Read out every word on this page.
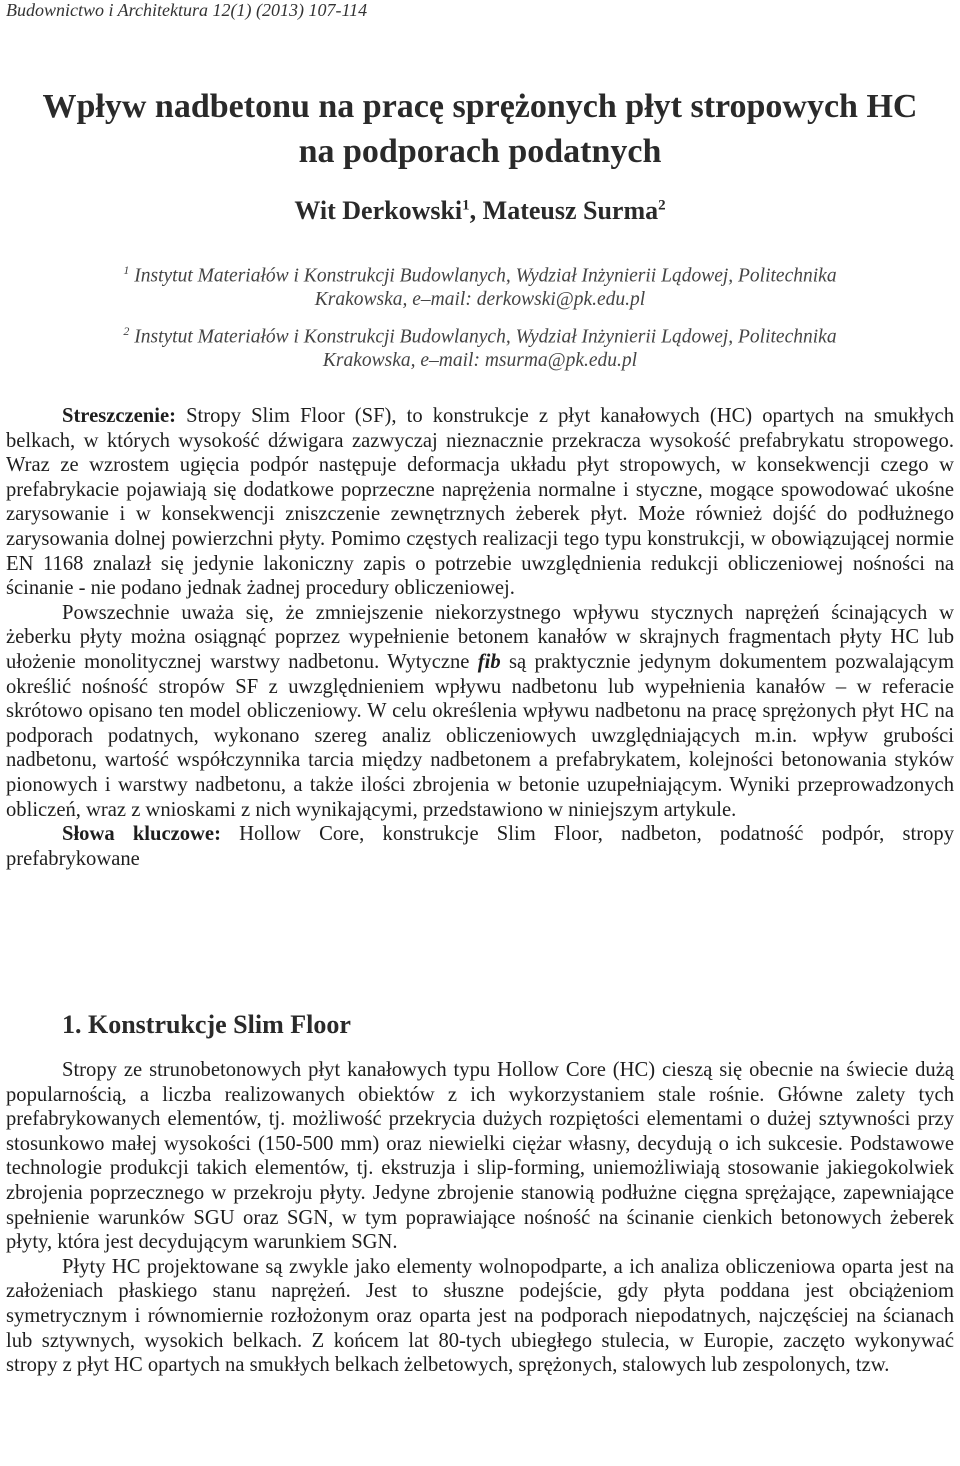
Budownictwo i Architektura 12(1) (2013) 107-114
Wpływ nadbetonu na pracę sprężonych płyt stropowych HC
na podporach podatnych
Wit Derkowski$^1$, Mateusz Surma$^2$
$^1$ Instytut Materiałów i Konstrukcji Budowlanych, Wydział Inżynierii Lądowej, Politechnika
Krakowska, e–mail: derkowski@pk.edu.pl
$^2$ Instytut Materiałów i Konstrukcji Budowlanych, Wydział Inżynierii Lądowej, Politechnika
Krakowska, e–mail: msurma@pk.edu.pl

Streszczenie: Stropy Slim Floor (SF), to konstrukcje z płyt kanałowych (HC) opartych na smukłych belkach, w których wysokość dźwigara zazwyczaj nieznacznie przekracza wysokość prefabrykatu stropowego. Wraz ze wzrostem ugięcia podpór następuje deformacja układu płyt stropowych, w konsekwencji czego w prefabrykacie pojawiają się dodatkowe poprzeczne naprężenia normalne i styczne, mogące spowodować ukośne zarysowanie i w konsekwencji zniszczenie zewnętrznych żeberek płyt. Może również dojść do podłużnego zarysowania dolnej powierzchni płyty. Pomimo częstych realizacji tego typu konstrukcji, w obowiązującej normie EN 1168 znalazł się jedynie lakoniczny zapis o potrzebie uwzględnienia redukcji obliczeniowej nośności na ścinanie - nie podano jednak żadnej procedury obliczeniowej.

Powszechnie uważa się, że zmniejszenie niekorzystnego wpływu stycznych naprężeń ścinających w żeberku płyty można osiągnąć poprzez wypełnienie betonem kanałów w skrajnych fragmentach płyty HC lub ułożenie monolitycznej warstwy nadbetonu. Wytyczne fib są praktycznie jedynym dokumentem pozwalającym określić nośność stropów SF z uwzględnieniem wpływu nadbetonu lub wypełnienia kanałów – w referacie skrótowo opisano ten model obliczeniowy. W celu określenia wpływu nadbetonu na pracę sprężonych płyt HC na podporach podatnych, wykonano szereg analiz obliczeniowych uwzględniających m.in. wpływ grubości nadbetonu, wartość współczynnika tarcia między nadbetonem a prefabrykatem, kolejności betonowania styków pionowych i warstwy nadbetonu, a także ilości zbrojenia w betonie uzupełniającym. Wyniki przeprowadzonych obliczeń, wraz z wnioskami z nich wynikającymi, przedstawiono w niniejszym artykule.

Słowa kluczowe: Hollow Core, konstrukcje Slim Floor, nadbeton, podatność podpór, stropy prefabrykowane

1. Konstrukcje Slim Floor

Stropy ze strunobetonowych płyt kanałowych typu Hollow Core (HC) cieszą się obecnie na świecie dużą popularnością, a liczba realizowanych obiektów z ich wykorzystaniem stale rośnie. Główne zalety tych prefabrykowanych elementów, tj. możliwość przekrycia dużych rozpiętości elementami o dużej sztywności przy stosunkowo małej wysokości (150-500 mm) oraz niewielki ciężar własny, decydują o ich sukcesie. Podstawowe technologie produkcji takich elementów, tj. ekstruzja i slip-forming, uniemożliwiają stosowanie jakiegokolwiek zbrojenia poprzecznego w przekroju płyty. Jedyne zbrojenie stanowią podłużne cięgna sprężające, zapewniające spełnienie warunków SGU oraz SGN, w tym poprawiające nośność na ścinanie cienkich betonowych żeberek płyty, która jest decydującym warunkiem SGN.

Płyty HC projektowane są zwykle jako elementy wolnopodparte, a ich analiza obliczeniowa oparta jest na założeniach płaskiego stanu naprężeń. Jest to słuszne podejście, gdy płyta poddana jest obciążeniom symetrycznym i równomiernie rozłożonym oraz oparta jest na podporach niepodatnych, najczęściej na ścianach lub sztywnych, wysokich belkach. Z końcem lat 80-tych ubiegłego stulecia, w Europie, zaczęto wykonywać stropy z płyt HC opartych na smukłych belkach żelbetowych, sprężonych, stalowych lub zespolonych, tzw.
